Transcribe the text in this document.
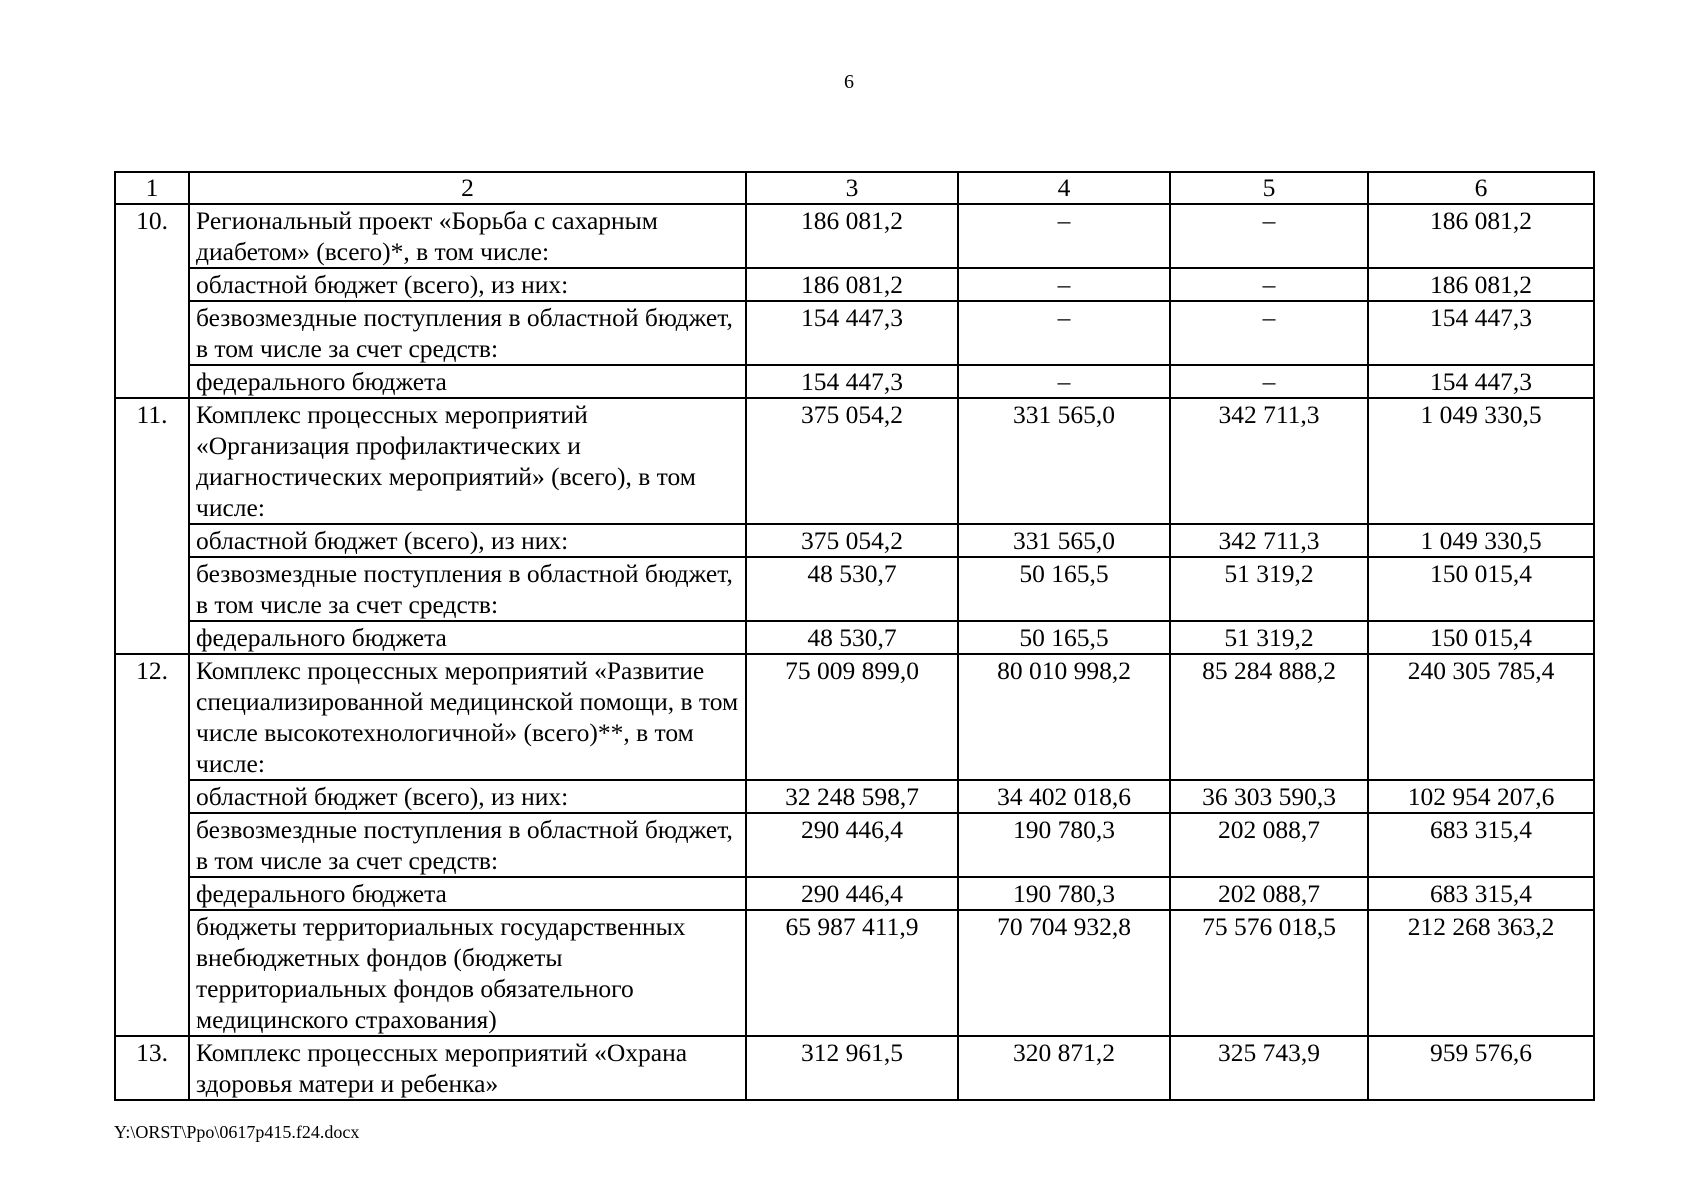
6
1	2	3	4	5	6
10.	Региональный проект «Борьба с сахарным диабетом» (всего)*, в том числе:	186 081,2	–	–	186 081,2
	областной бюджет (всего), из них:	186 081,2	–	–	186 081,2
	безвозмездные поступления в областной бюджет, в том числе за счет средств:	154 447,3	–	–	154 447,3
	федерального бюджета	154 447,3	–	–	154 447,3
11.	Комплекс процессных мероприятий «Организация профилактических и диагностических мероприятий» (всего), в том числе:	375 054,2	331 565,0	342 711,3	1 049 330,5
	областной бюджет (всего), из них:	375 054,2	331 565,0	342 711,3	1 049 330,5
	безвозмездные поступления в областной бюджет, в том числе за счет средств:	48 530,7	50 165,5	51 319,2	150 015,4
	федерального бюджета	48 530,7	50 165,5	51 319,2	150 015,4
12.	Комплекс процессных мероприятий «Развитие специализированной медицинской помощи, в том числе высокотехнологичной» (всего)**, в том числе:	75 009 899,0	80 010 998,2	85 284 888,2	240 305 785,4
	областной бюджет (всего), из них:	32 248 598,7	34 402 018,6	36 303 590,3	102 954 207,6
	безвозмездные поступления в областной бюджет, в том числе за счет средств:	290 446,4	190 780,3	202 088,7	683 315,4
	федерального бюджета	290 446,4	190 780,3	202 088,7	683 315,4
	бюджеты территориальных государственных внебюджетных фондов (бюджеты территориальных фондов обязательного медицинского страхования)	65 987 411,9	70 704 932,8	75 576 018,5	212 268 363,2
13.	Комплекс процессных мероприятий «Охрана здоровья матери и ребенка»	312 961,5	320 871,2	325 743,9	959 576,6
Y:\ORST\Ppo\0617p415.f24.docx
